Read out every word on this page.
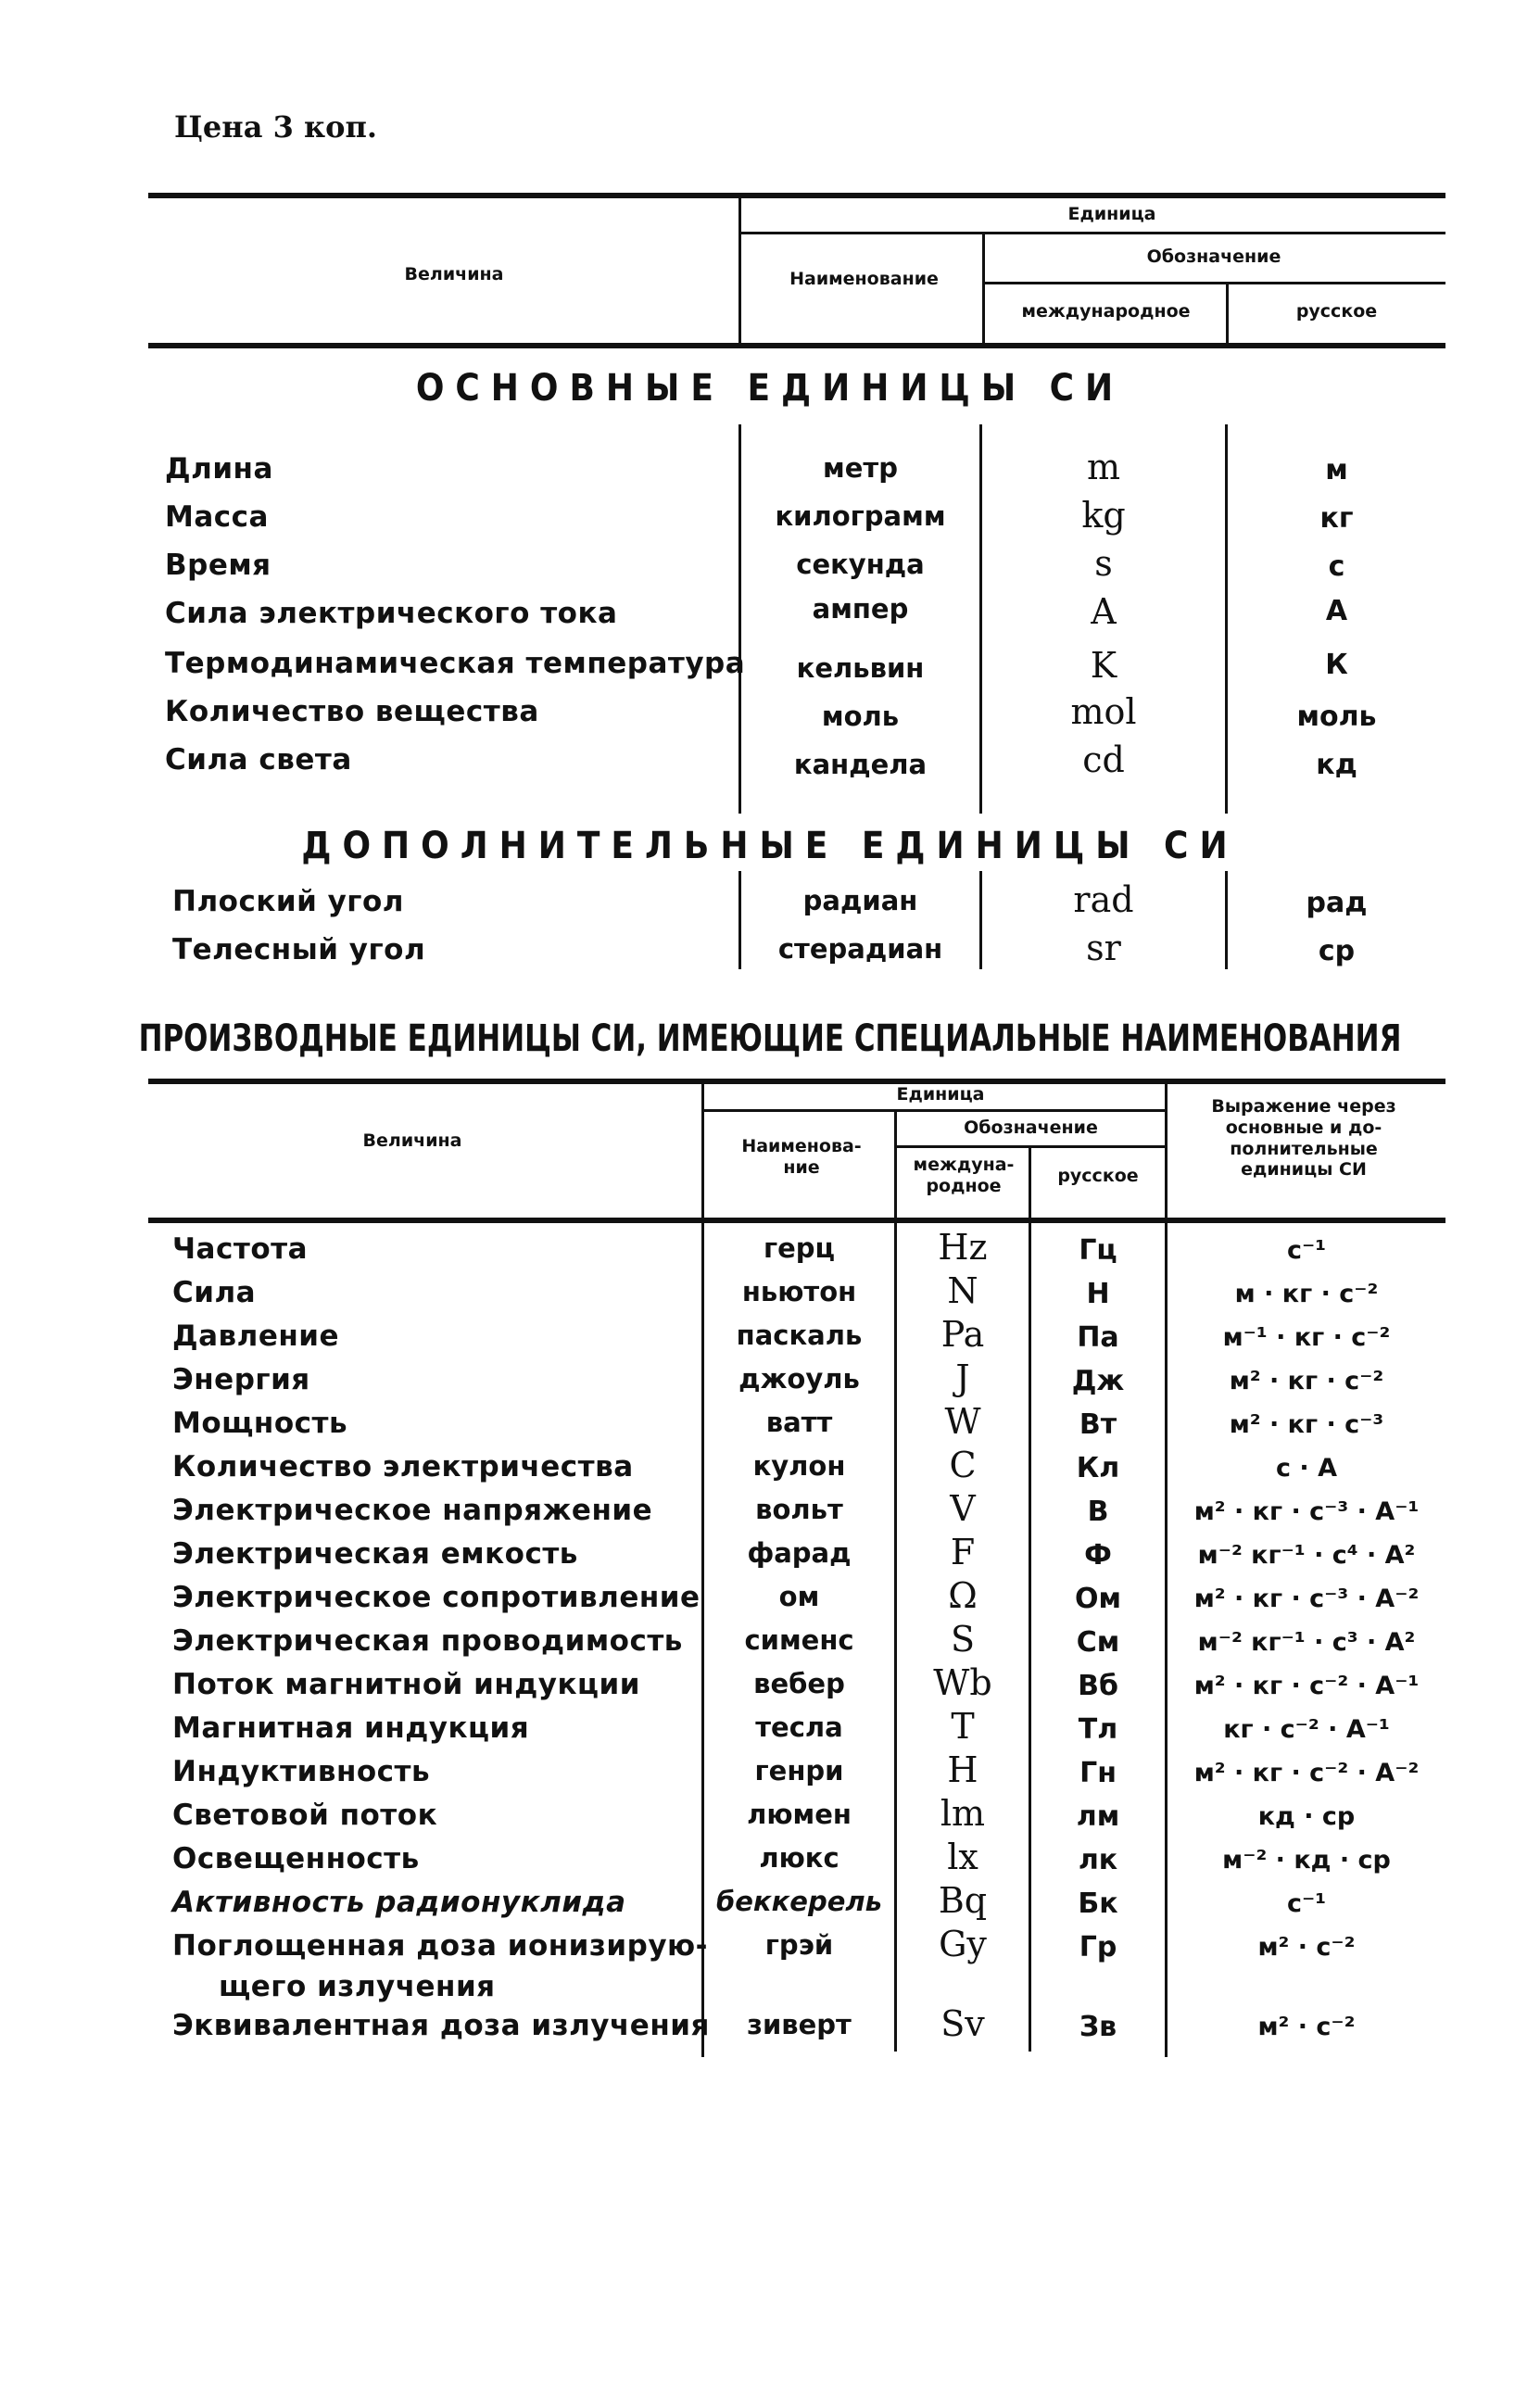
Цена 3 коп.
Величина
Единица
Наименование
Обозначение
международное	русское
ОСНОВНЫЕ ЕДИНИЦЫ СИ
Длина	метр	m	м
Масса	килограмм	kg	кг
Время	секунда	s	с
Сила электрического тока	ампер	A	А
Термодинамическая температура	кельвин	K	К
Количество вещества	моль	mol	моль
Сила света	кандела	cd	кд
ДОПОЛНИТЕЛЬНЫЕ ЕДИНИЦЫ СИ
Плоский угол	радиан	rad	рад
Телесный угол	стерадиан	sr	ср
ПРОИЗВОДНЫЕ ЕДИНИЦЫ СИ, ИМЕЮЩИЕ СПЕЦИАЛЬНЫЕ НАИМЕНОВАНИЯ
Величина
Единица
Наименова-
ние
Обозначение
междуна-
родное	русское
Выражение через
основные и до-
полнительные
единицы СИ
Частота	герц	Hz	Гц	с⁻¹
Сила	ньютон	N	Н	м · кг · с⁻²
Давление	паскаль	Pa	Па	м⁻¹ · кг · с⁻²
Энергия	джоуль	J	Дж	м² · кг · с⁻²
Мощность	ватт	W	Вт	м² · кг · с⁻³
Количество электричества	кулон	C	Кл	с · А
Электрическое напряжение	вольт	V	В	м² · кг · с⁻³ · А⁻¹
Электрическая емкость	фарад	F	Ф	м⁻² кг⁻¹ · с⁴ · А²
Электрическое сопротивление	ом	Ω	Ом	м² · кг · с⁻³ · А⁻²
Электрическая проводимость	сименс	S	См	м⁻² кг⁻¹ · с³ · А²
Поток магнитной индукции	вебер	Wb	Вб	м² · кг · с⁻² · А⁻¹
Магнитная индукция	тесла	T	Тл	кг · с⁻² · А⁻¹
Индуктивность	генри	H	Гн	м² · кг · с⁻² · А⁻²
Световой поток	люмен	lm	лм	кд · ср
Освещенность	люкс	lx	лк	м⁻² · кд · ср
Активность радионуклида	беккерель	Bq	Бк	с⁻¹
Поглощенная доза ионизирую-
щего излучения
грэй	Gy	Гр	м² · с⁻²
Эквивалентная доза излучения	зиверт	Sv	Зв	м² · с⁻²
